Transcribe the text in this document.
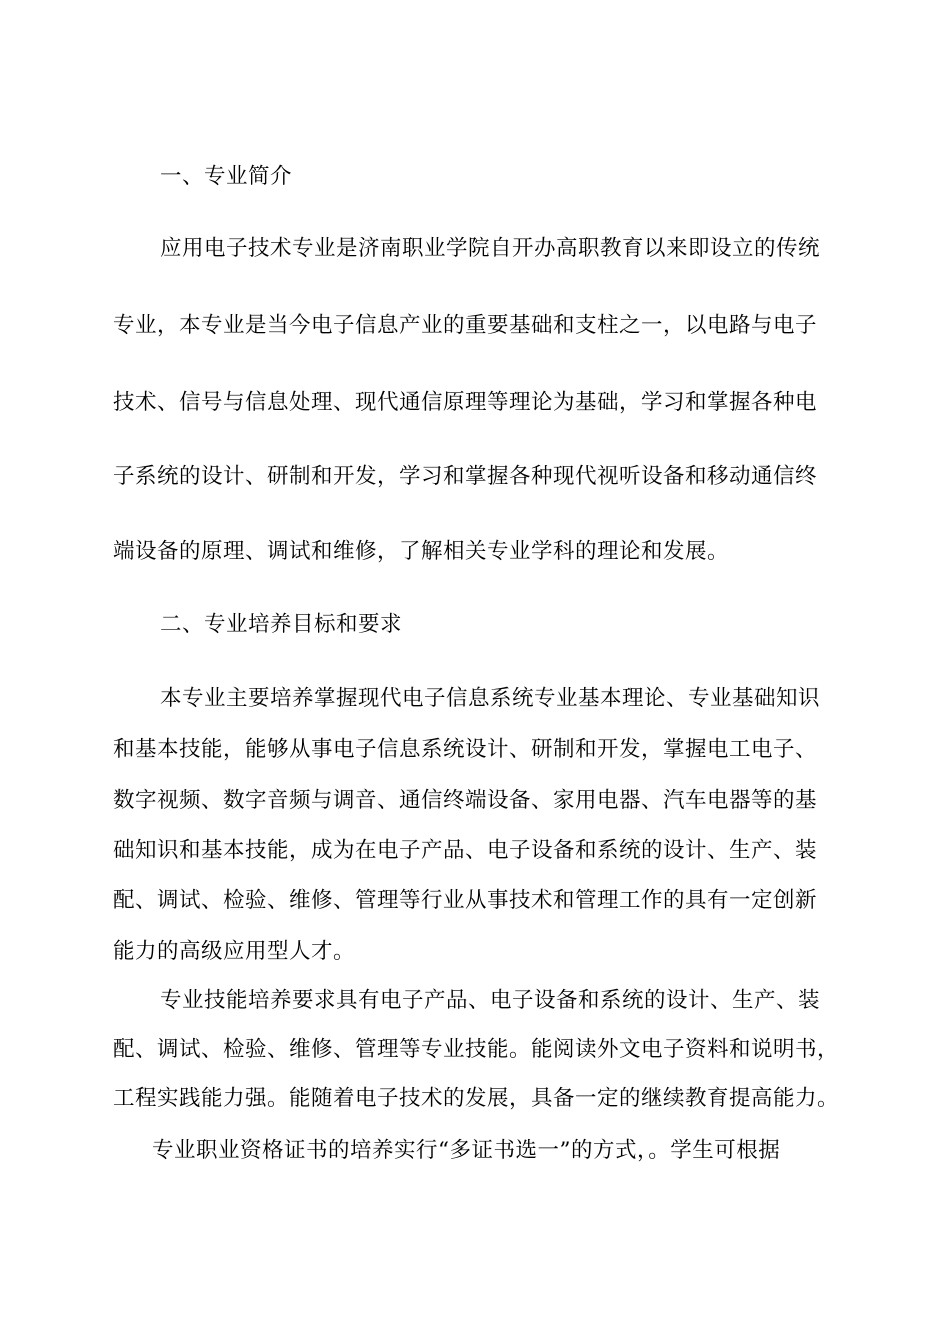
一、专业简介
应用电子技术专业是济南职业学院自开办高职教育以来即设立的传统
专业，本专业是当今电子信息产业的重要基础和支柱之一，以电路与电子
技术、信号与信息处理、现代通信原理等理论为基础，学习和掌握各种电
子系统的设计、研制和开发，学习和掌握各种现代视听设备和移动通信终
端设备的原理、调试和维修，了解相关专业学科的理论和发展。
二、专业培养目标和要求
本专业主要培养掌握现代电子信息系统专业基本理论、专业基础知识
和基本技能，能够从事电子信息系统设计、研制和开发，掌握电工电子、
数字视频、数字音频与调音、通信终端设备、家用电器、汽车电器等的基
础知识和基本技能，成为在电子产品、电子设备和系统的设计、生产、装
配、调试、检验、维修、管理等行业从事技术和管理工作的具有一定创新
能力的高级应用型人才。
专业技能培养要求具有电子产品、电子设备和系统的设计、生产、装
配、调试、检验、维修、管理等专业技能。能阅读外文电子资料和说明书，
工程实践能力强。能随着电子技术的发展，具备一定的继续教育提高能力。
专业职业资格证书的培养实行“多证书选一”的方式，。学生可根据
